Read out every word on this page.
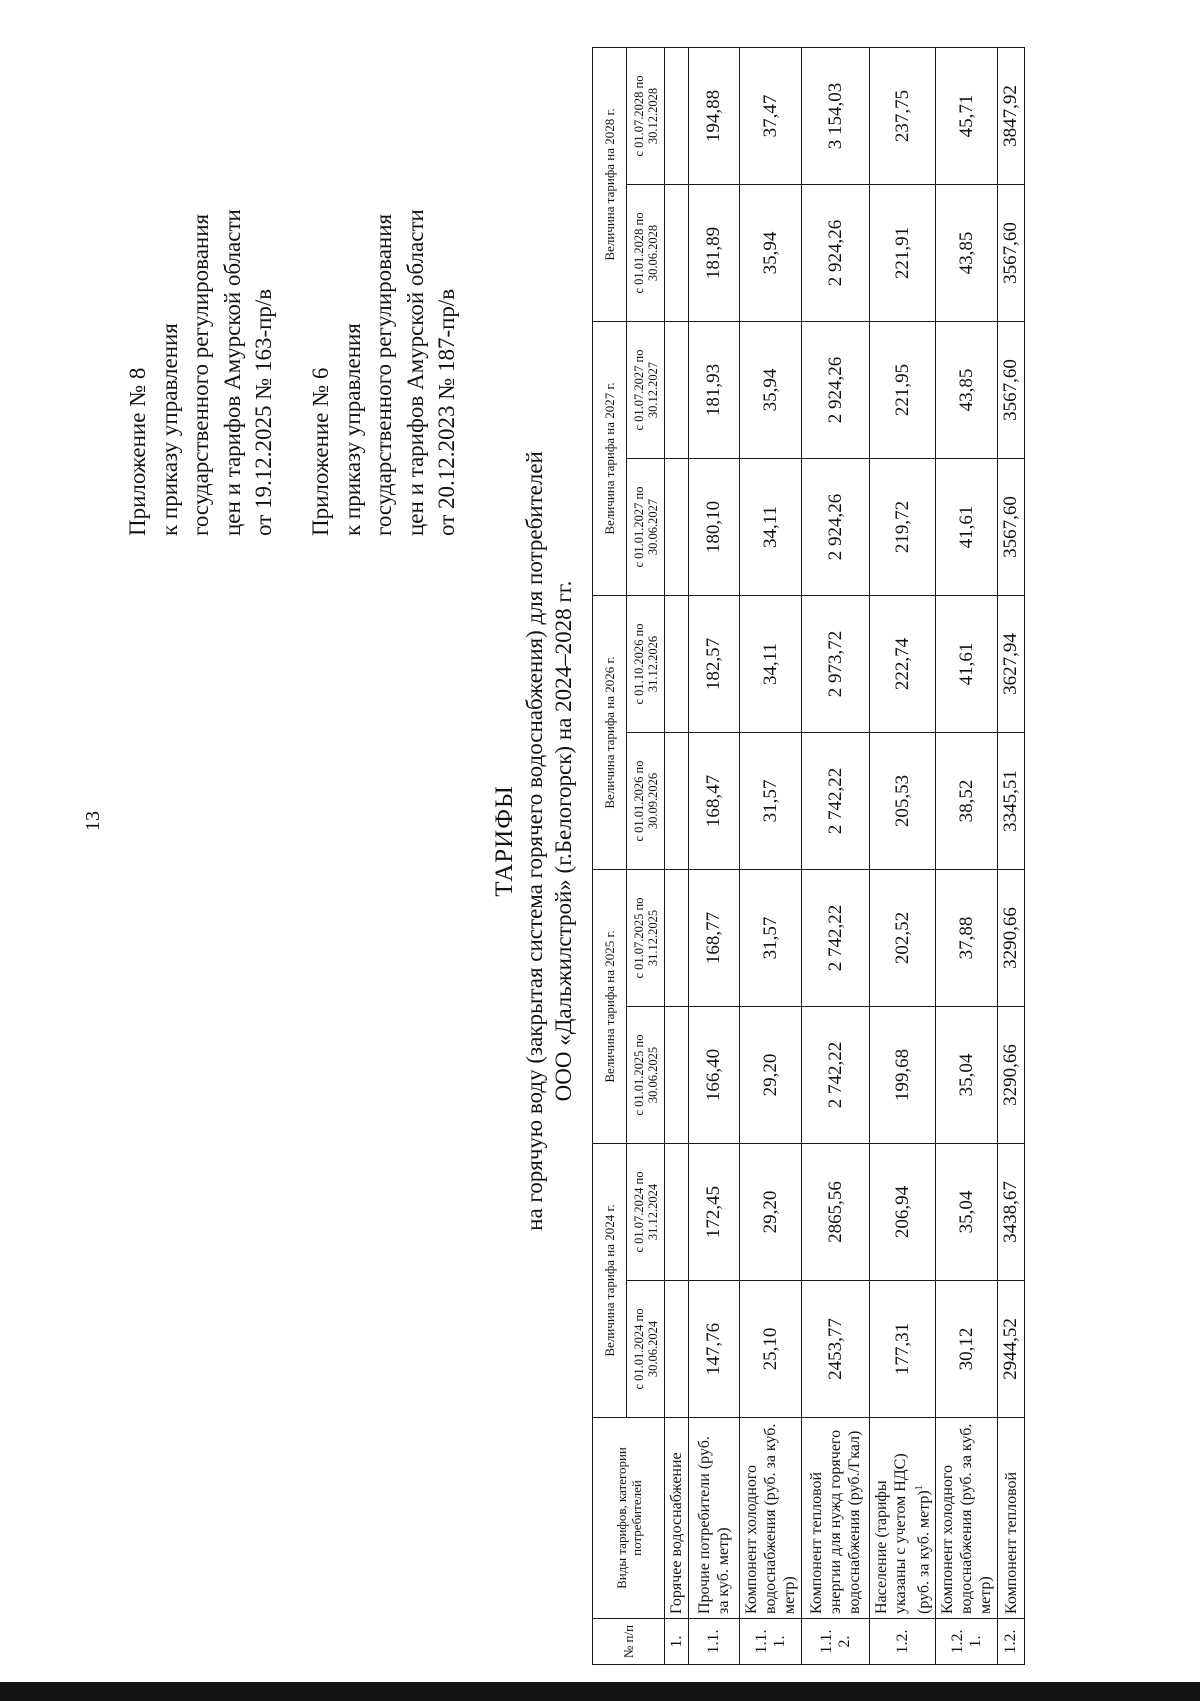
13
Приложение № 8 к приказу управления государственного регулирования цен и тарифов Амурской области от 19.12.2025 № 163-пр/в Приложение № 6 к приказу управления государственного регулирования цен и тарифов Амурской области от 20.12.2023 № 187-пр/в
ТАРИФЫ на горячую воду (закрытая система горячего водоснабжения) для потребителей ООО «Дальжилстрой» (г.Белогорск) на 2024–2028 гг.
№ п/п	Виды тарифов, категории потребителей	Величина тарифа на 2024 г.		Величина тарифа на 2025 г.		Величина тарифа на 2026 г.		Величина тарифа на 2027 г.		Величина тарифа на 2028 г.	
		с 01.01.2024 по 30.06.2024	с 01.07.2024 по 31.12.2024	с 01.01.2025 по 30.06.2025	с 01.07.2025 по 31.12.2025	с 01.01.2026 по 30.09.2026	с 01.10.2026 по 31.12.2026	с 01.01.2027 по 30.06.2027	с 01.07.2027 по 30.12.2027	с 01.01.2028 по 30.06.2028	с 01.07.2028 по 30.12.2028
1.	Горячее водоснабжение										
1.1.	Прочие потребители (руб. за куб. метр)	147,76	172,45	166,40	168,77	168,47	182,57	180,10	181,93	181,89	194,88
1.1. 1.	Компонент холодного водоснабжения (руб. за куб. метр)	25,10	29,20	29,20	31,57	31,57	34,11	34,11	35,94	35,94	37,47
1.1. 2.	Компонент тепловой энергии для нужд горячего водоснабжения (руб./Гкал)	2453,77	2865,56	2 742,22	2 742,22	2 742,22	2 973,72	2 924,26	2 924,26	2 924,26	3 154,03
1.2.	Население (тарифы указаны с учетом НДС) (руб. за куб. метр)$^1$	177,31	206,94	199,68	202,52	205,53	222,74	219,72	221,95	221,91	237,75
1.2. 1.	Компонент холодного водоснабжения (руб. за куб. метр)	30,12	35,04	35,04	37,88	38,52	41,61	41,61	43,85	43,85	45,71
1.2.	Компонент тепловой	2944,52	3438,67	3290,66	3290,66	3345,51	3627,94	3567,60	3567,60	3567,60	3847,92
